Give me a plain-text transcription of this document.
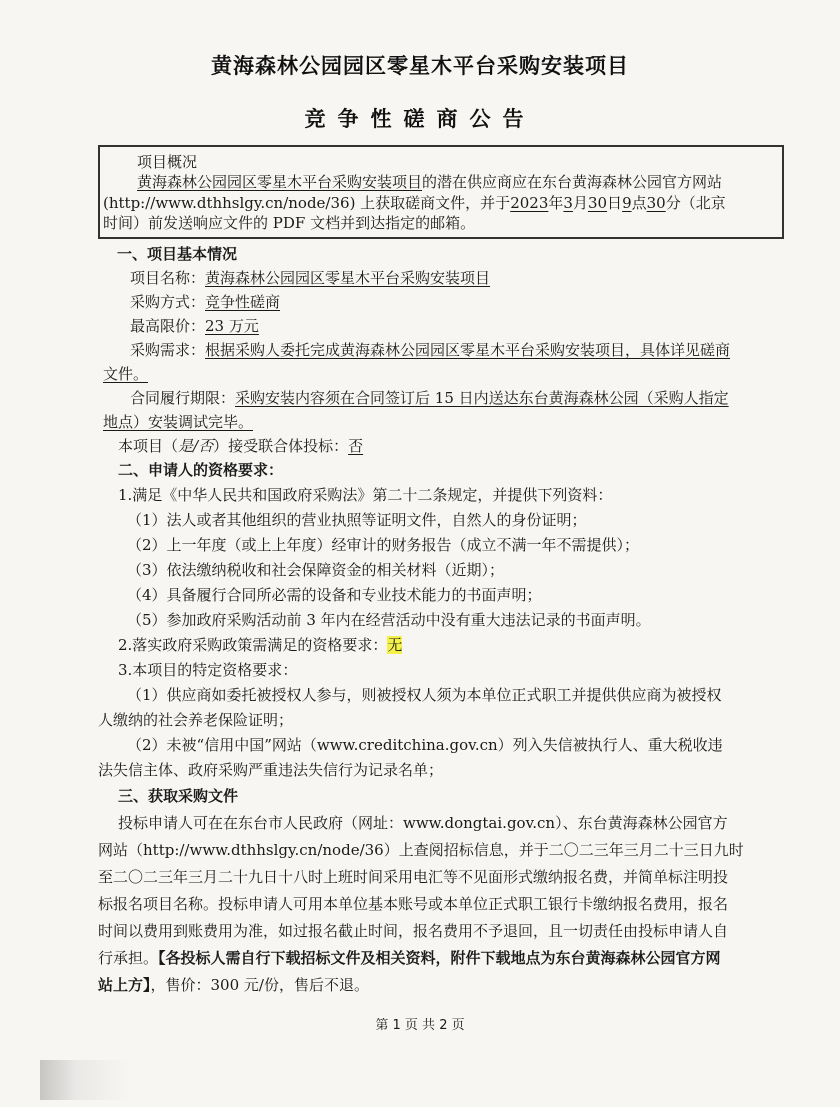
黄海森林公园园区零星木平台采购安装项目
竞争性磋商公告
项目概况
黄海森林公园园区零星木平台采购安装项目的潜在供应商应在东台黄海森林公园官方网站
(http://www.dthhslgy.cn/node/36) 上获取磋商文件，并于2023年3月30日9点30分（北京
时间）前发送响应文件的 PDF 文档并到达指定的邮箱。
一、项目基本情况
项目名称：黄海森林公园园区零星木平台采购安装项目
采购方式：竞争性磋商
最高限价：23 万元
采购需求：根据采购人委托完成黄海森林公园园区零星木平台采购安装项目，具体详见磋商
文件。
合同履行期限：采购安装内容须在合同签订后 15 日内送达东台黄海森林公园（采购人指定
地点）安装调试完毕。
本项目（是/否）接受联合体投标：否
二、申请人的资格要求：
1.满足《中华人民共和国政府采购法》第二十二条规定，并提供下列资料：
（1）法人或者其他组织的营业执照等证明文件，自然人的身份证明；
（2）上一年度（或上上年度）经审计的财务报告（成立不满一年不需提供）；
（3）依法缴纳税收和社会保障资金的相关材料（近期）；
（4）具备履行合同所必需的设备和专业技术能力的书面声明；
（5）参加政府采购活动前 3 年内在经营活动中没有重大违法记录的书面声明。
2.落实政府采购政策需满足的资格要求：无
3.本项目的特定资格要求：
（1）供应商如委托被授权人参与，则被授权人须为本单位正式职工并提供供应商为被授权
人缴纳的社会养老保险证明；
（2）未被“信用中国”网站（www.creditchina.gov.cn）列入失信被执行人、重大税收违
法失信主体、政府采购严重违法失信行为记录名单；
三、获取采购文件
投标申请人可在在东台市人民政府（网址：www.dongtai.gov.cn）、东台黄海森林公园官方
网站（http://www.dthhslgy.cn/node/36）上查阅招标信息，并于二〇二三年三月二十三日九时
至二〇二三年三月二十九日十八时上班时间采用电汇等不见面形式缴纳报名费，并简单标注明投
标报名项目名称。投标申请人可用本单位基本账号或本单位正式职工银行卡缴纳报名费用，报名
时间以费用到账费用为准，如过报名截止时间，报名费用不予退回，且一切责任由投标申请人自
行承担。【各投标人需自行下载招标文件及相关资料，附件下载地点为东台黄海森林公园官方网
站上方】，售价：300 元/份，售后不退。
第 1 页 共 2 页
